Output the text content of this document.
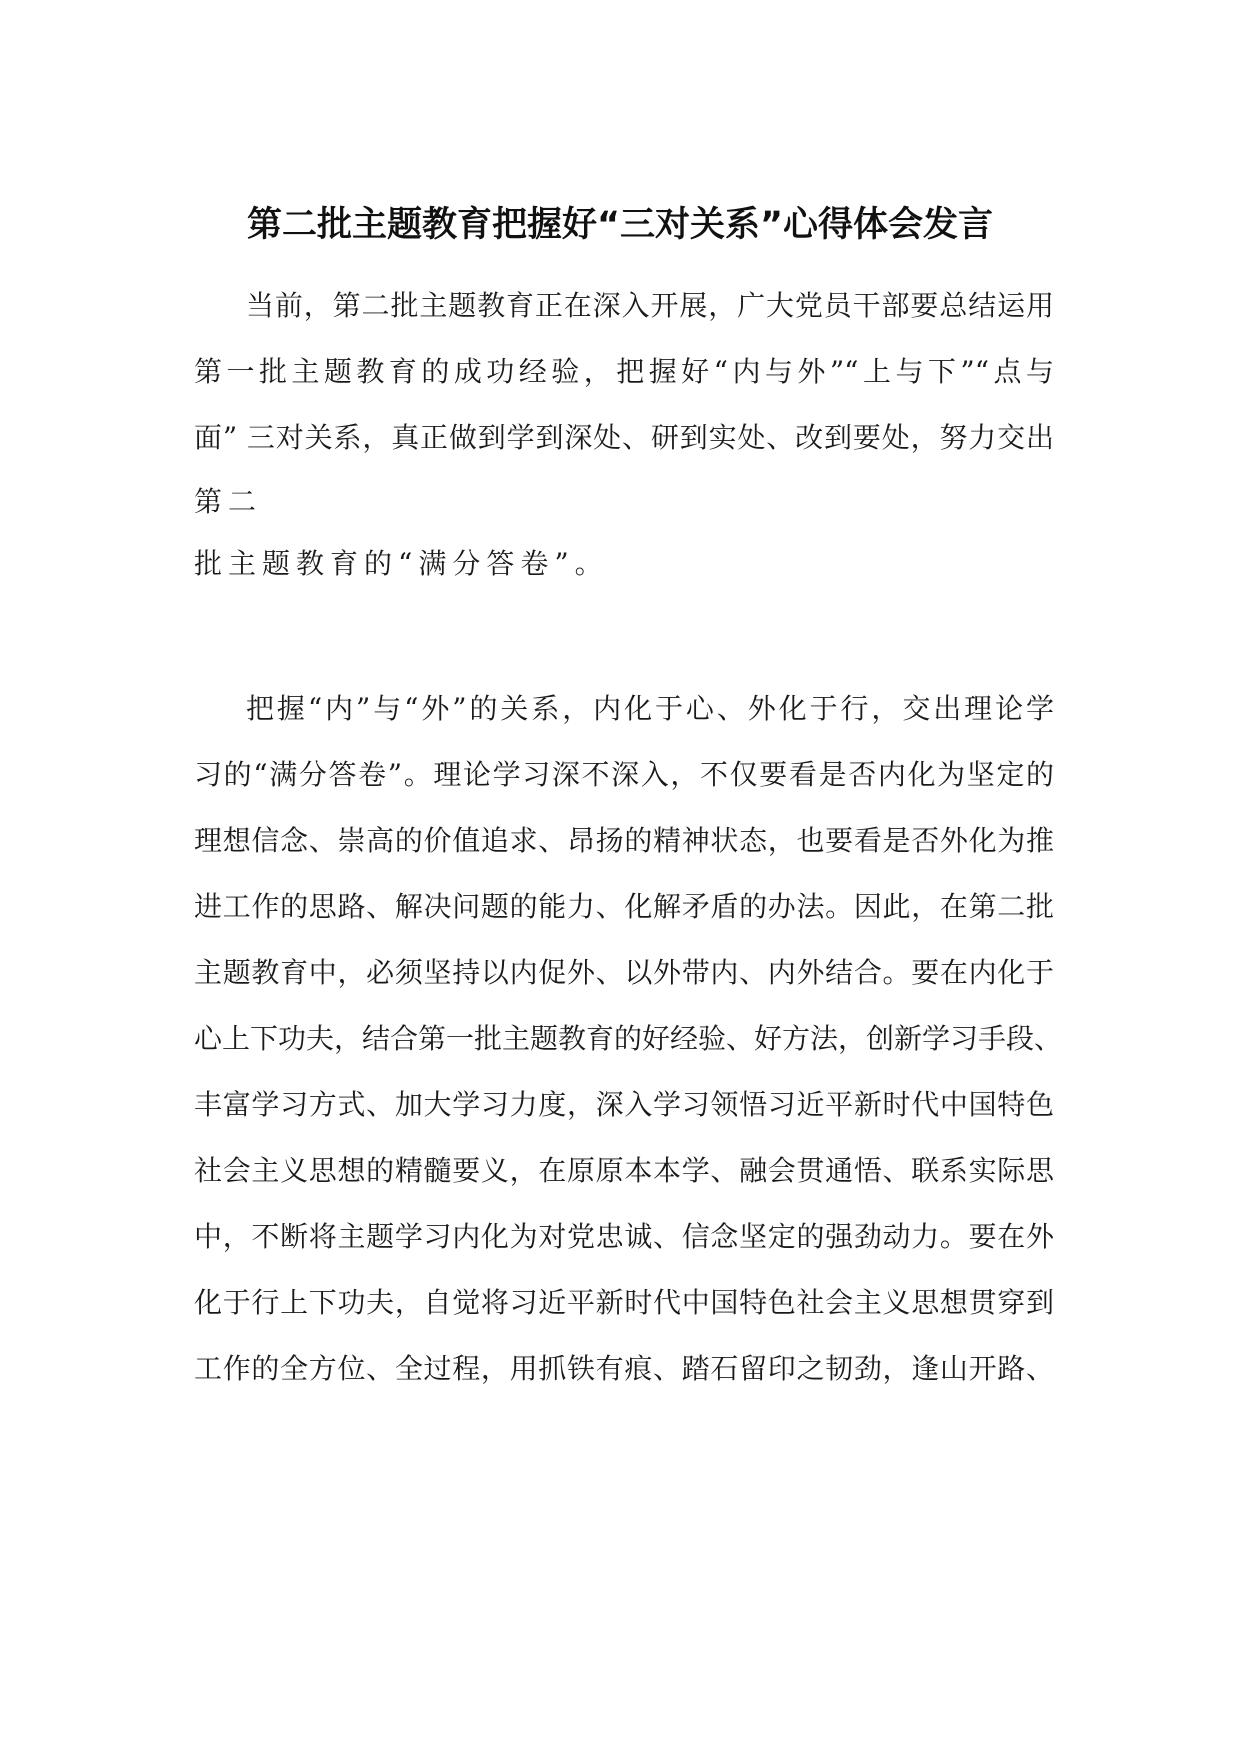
第二批主题教育把握好“三对关系”心得体会发言
当前，第二批主题教育正在深入开展，广大党员干部要总结运用
第一批主题教育的成功经验，把握好“内与外”“上与下”“点与
面” 三对关系，真正做到学到深处、研到实处、改到要处，努力交出
第二
批主题教育的“满分答卷”。
把握“内”与“外”的关系，内化于心、外化于行，交出理论学
习的“满分答卷”。理论学习深不深入，不仅要看是否内化为坚定的
理想信念、崇高的价值追求、昂扬的精神状态，也要看是否外化为推
进工作的思路、解决问题的能力、化解矛盾的办法。因此，在第二批
主题教育中，必须坚持以内促外、以外带内、内外结合。要在内化于
心上下功夫，结合第一批主题教育的好经验、好方法，创新学习手段、
丰富学习方式、加大学习力度，深入学习领悟习近平新时代中国特色
社会主义思想的精髓要义，在原原本本学、融会贯通悟、联系实际思
中，不断将主题学习内化为对党忠诚、信念坚定的强劲动力。要在外
化于行上下功夫，自觉将习近平新时代中国特色社会主义思想贯穿到
工作的全方位、全过程，用抓铁有痕、踏石留印之韧劲，逢山开路、
